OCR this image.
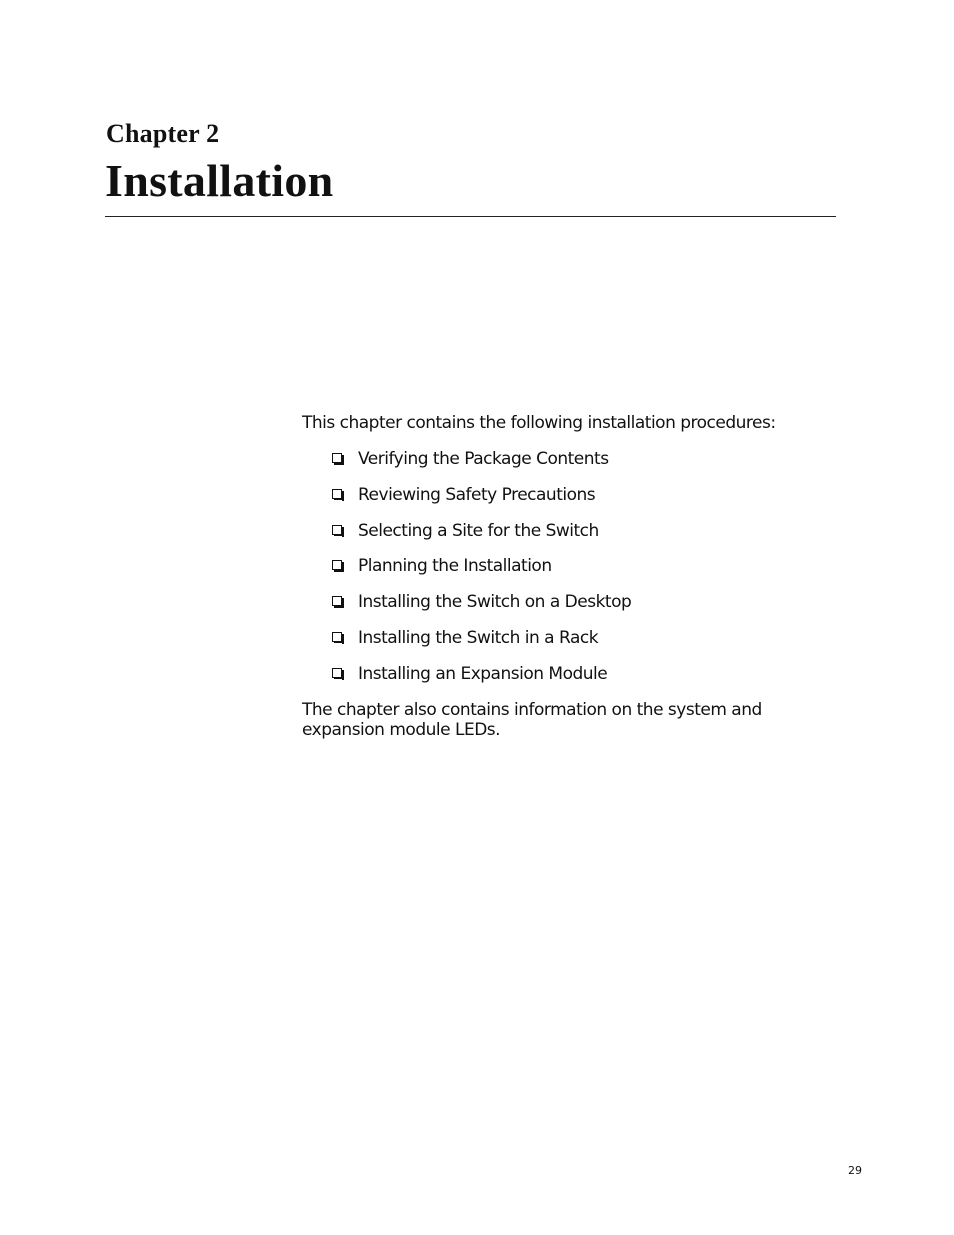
Chapter 2
Installation

This chapter contains the following installation procedures:

Verifying the Package Contents
Reviewing Safety Precautions
Selecting a Site for the Switch
Planning the Installation
Installing the Switch on a Desktop
Installing the Switch in a Rack
Installing an Expansion Module

The chapter also contains information on the system and expansion module LEDs.

29
